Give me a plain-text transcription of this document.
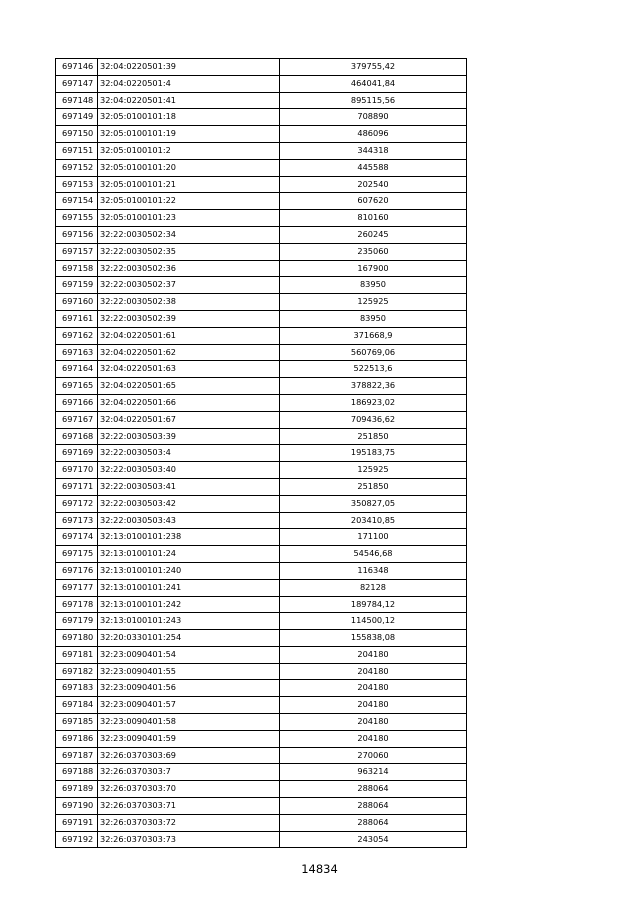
697146	32:04:0220501:39	379755,42
697147	32:04:0220501:4	464041,84
697148	32:04:0220501:41	895115,56
697149	32:05:0100101:18	708890
697150	32:05:0100101:19	486096
697151	32:05:0100101:2	344318
697152	32:05:0100101:20	445588
697153	32:05:0100101:21	202540
697154	32:05:0100101:22	607620
697155	32:05:0100101:23	810160
697156	32:22:0030502:34	260245
697157	32:22:0030502:35	235060
697158	32:22:0030502:36	167900
697159	32:22:0030502:37	83950
697160	32:22:0030502:38	125925
697161	32:22:0030502:39	83950
697162	32:04:0220501:61	371668,9
697163	32:04:0220501:62	560769,06
697164	32:04:0220501:63	522513,6
697165	32:04:0220501:65	378822,36
697166	32:04:0220501:66	186923,02
697167	32:04:0220501:67	709436,62
697168	32:22:0030503:39	251850
697169	32:22:0030503:4	195183,75
697170	32:22:0030503:40	125925
697171	32:22:0030503:41	251850
697172	32:22:0030503:42	350827,05
697173	32:22:0030503:43	203410,85
697174	32:13:0100101:238	171100
697175	32:13:0100101:24	54546,68
697176	32:13:0100101:240	116348
697177	32:13:0100101:241	82128
697178	32:13:0100101:242	189784,12
697179	32:13:0100101:243	114500,12
697180	32:20:0330101:254	155838,08
697181	32:23:0090401:54	204180
697182	32:23:0090401:55	204180
697183	32:23:0090401:56	204180
697184	32:23:0090401:57	204180
697185	32:23:0090401:58	204180
697186	32:23:0090401:59	204180
697187	32:26:0370303:69	270060
697188	32:26:0370303:7	963214
697189	32:26:0370303:70	288064
697190	32:26:0370303:71	288064
697191	32:26:0370303:72	288064
697192	32:26:0370303:73	243054
14834
